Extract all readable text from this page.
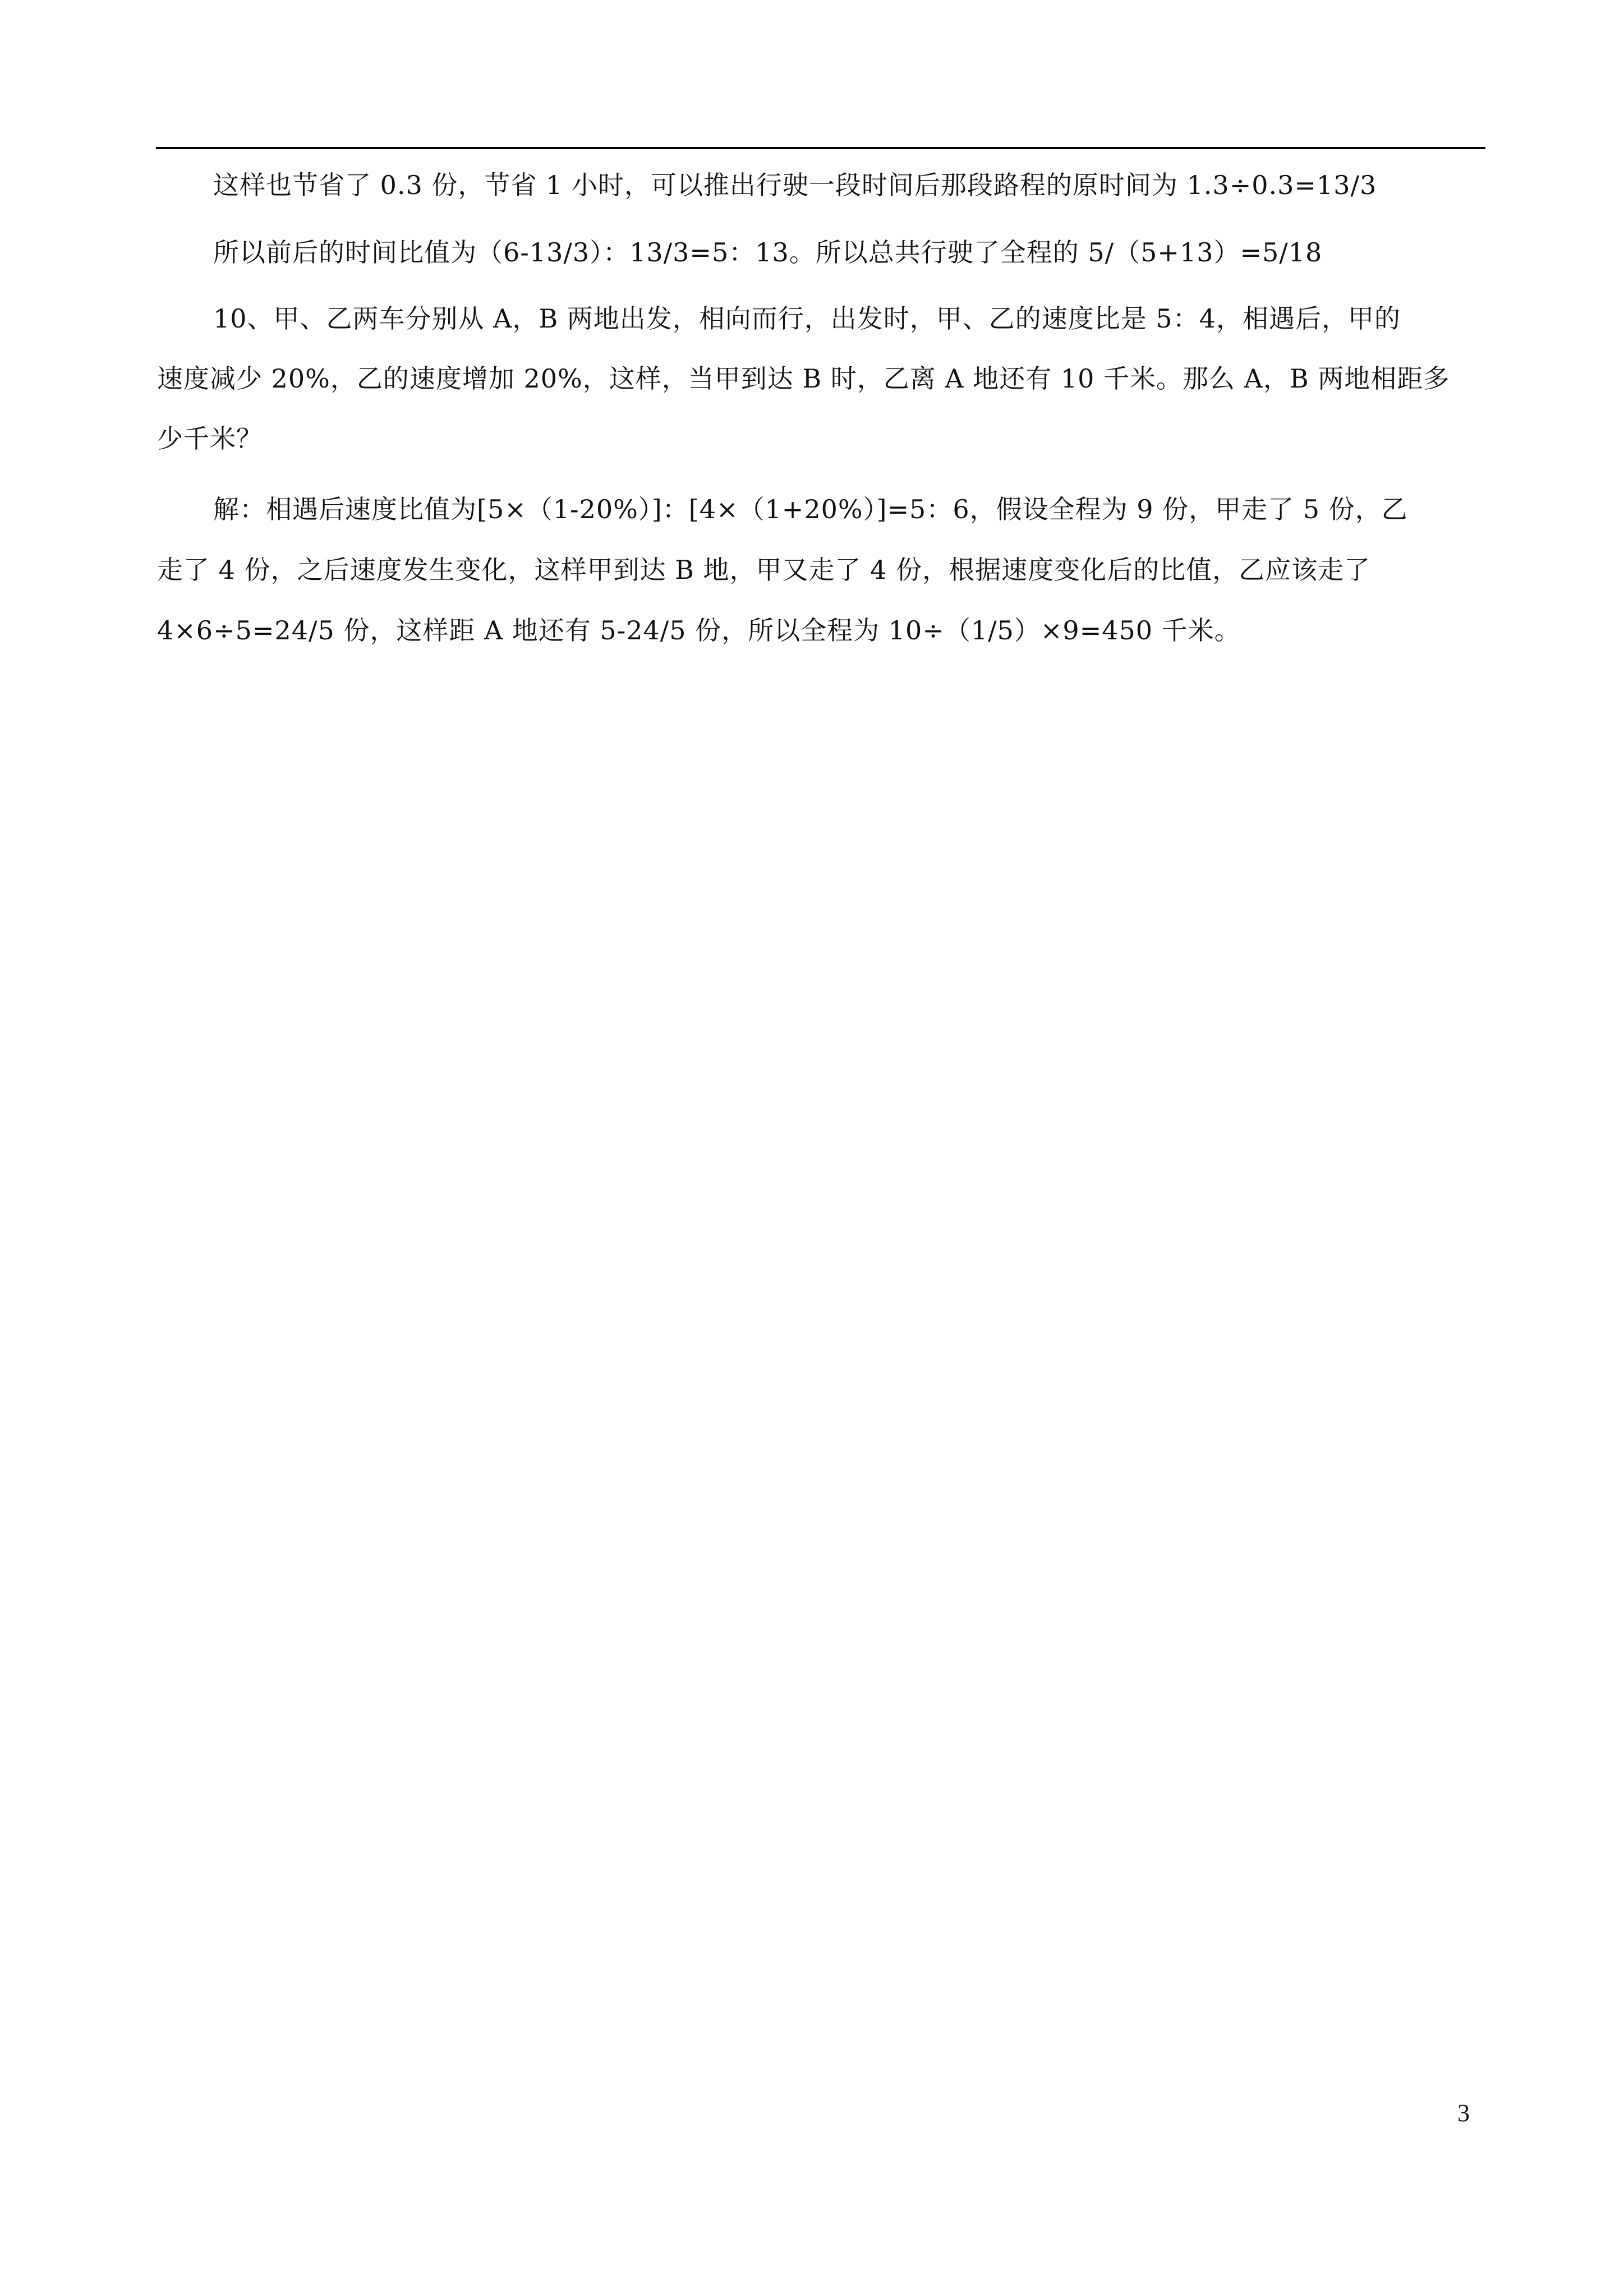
这样也节省了 0.3 份，节省 1 小时，可以推出行驶一段时间后那段路程的原时间为 1.3÷0.3=13/3
所以前后的时间比值为（6-13/3）：13/3=5：13。所以总共行驶了全程的 5/（5+13）=5/18
10、甲、乙两车分别从 A，B 两地出发，相向而行，出发时，甲、乙的速度比是 5：4，相遇后，甲的
速度减少 20%，乙的速度增加 20%，这样，当甲到达 B 时，乙离 A 地还有 10 千米。那么 A，B 两地相距多
少千米？
解：相遇后速度比值为[5×（1-20%）]：[4×（1+20%）]=5：6，假设全程为 9 份，甲走了 5 份，乙
走了 4 份，之后速度发生变化，这样甲到达 B 地，甲又走了 4 份，根据速度变化后的比值，乙应该走了
4×6÷5=24/5 份，这样距 A 地还有 5-24/5 份，所以全程为 10÷（1/5）×9=450 千米。
3
